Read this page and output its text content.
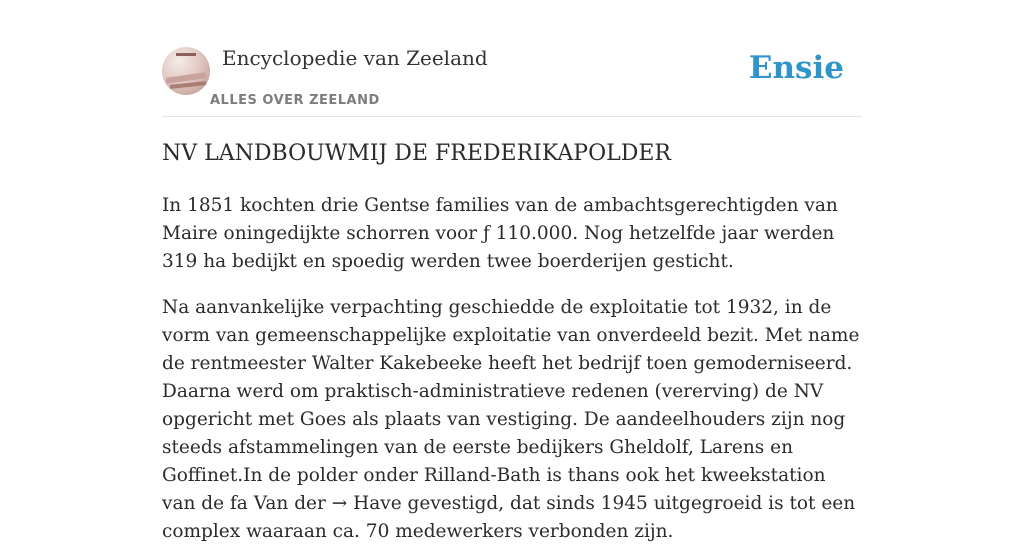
Encyclopedie van Zeeland
ALLES OVER ZEELAND
Ensie
NV LANDBOUWMIJ DE FREDERIKAPOLDER

In 1851 kochten drie Gentse families van de ambachtsgerechtigden van Maire oningedijkte schorren voor ƒ 110.000. Nog hetzelfde jaar werden 319 ha bedijkt en spoedig werden twee boerderijen gesticht.

Na aanvankelijke verpachting geschiedde de exploitatie tot 1932, in de vorm van gemeenschappelijke exploitatie van onverdeeld bezit. Met name de rentmeester Walter Kakebeeke heeft het bedrijf toen gemoderniseerd. Daarna werd om praktisch-administratieve redenen (vererving) de NV opgericht met Goes als plaats van vestiging. De aandeelhouders zijn nog steeds afstammelingen van de eerste bedijkers Gheldolf, Larens en Goffinet.In de polder onder Rilland-Bath is thans ook het kweekstation van de fa Van der → Have gevestigd, dat sinds 1945 uitgegroeid is tot een complex waaraan ca. 70 medewerkers verbonden zijn.
